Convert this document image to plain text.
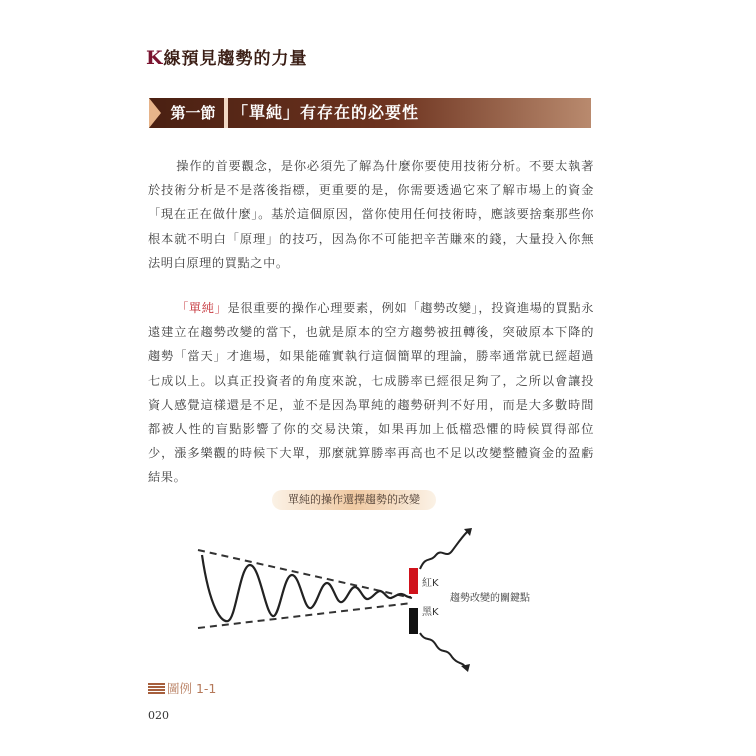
K線預見趨勢的力量
第一節	「單純」有存在的必要性

操作的首要觀念，是你必須先了解為什麼你要使用技術分析。不要太執著於技術分析是不是落後指標，更重要的是，你需要透過它來了解市場上的資金「現在正在做什麼」。基於這個原因，當你使用任何技術時，應該要捨棄那些你根本就不明白「原理」的技巧，因為你不可能把辛苦賺來的錢，大量投入你無法明白原理的買點之中。

「單純」是很重要的操作心理要素，例如「趨勢改變」，投資進場的買點永遠建立在趨勢改變的當下，也就是原本的空方趨勢被扭轉後，突破原本下降的趨勢「當天」才進場，如果能確實執行這個簡單的理論，勝率通常就已經超過七成以上。以真正投資者的角度來說，七成勝率已經很足夠了，之所以會讓投資人感覺這樣還是不足，並不是因為單純的趨勢研判不好用，而是大多數時間都被人性的盲點影響了你的交易決策，如果再加上低檔恐懼的時候買得部位少，漲多樂觀的時候下大單，那麼就算勝率再高也不足以改變整體資金的盈虧結果。

單純的操作還擇趨勢的改變
紅K
黑K
趨勢改變的關鍵點
圖例 1-1
020
